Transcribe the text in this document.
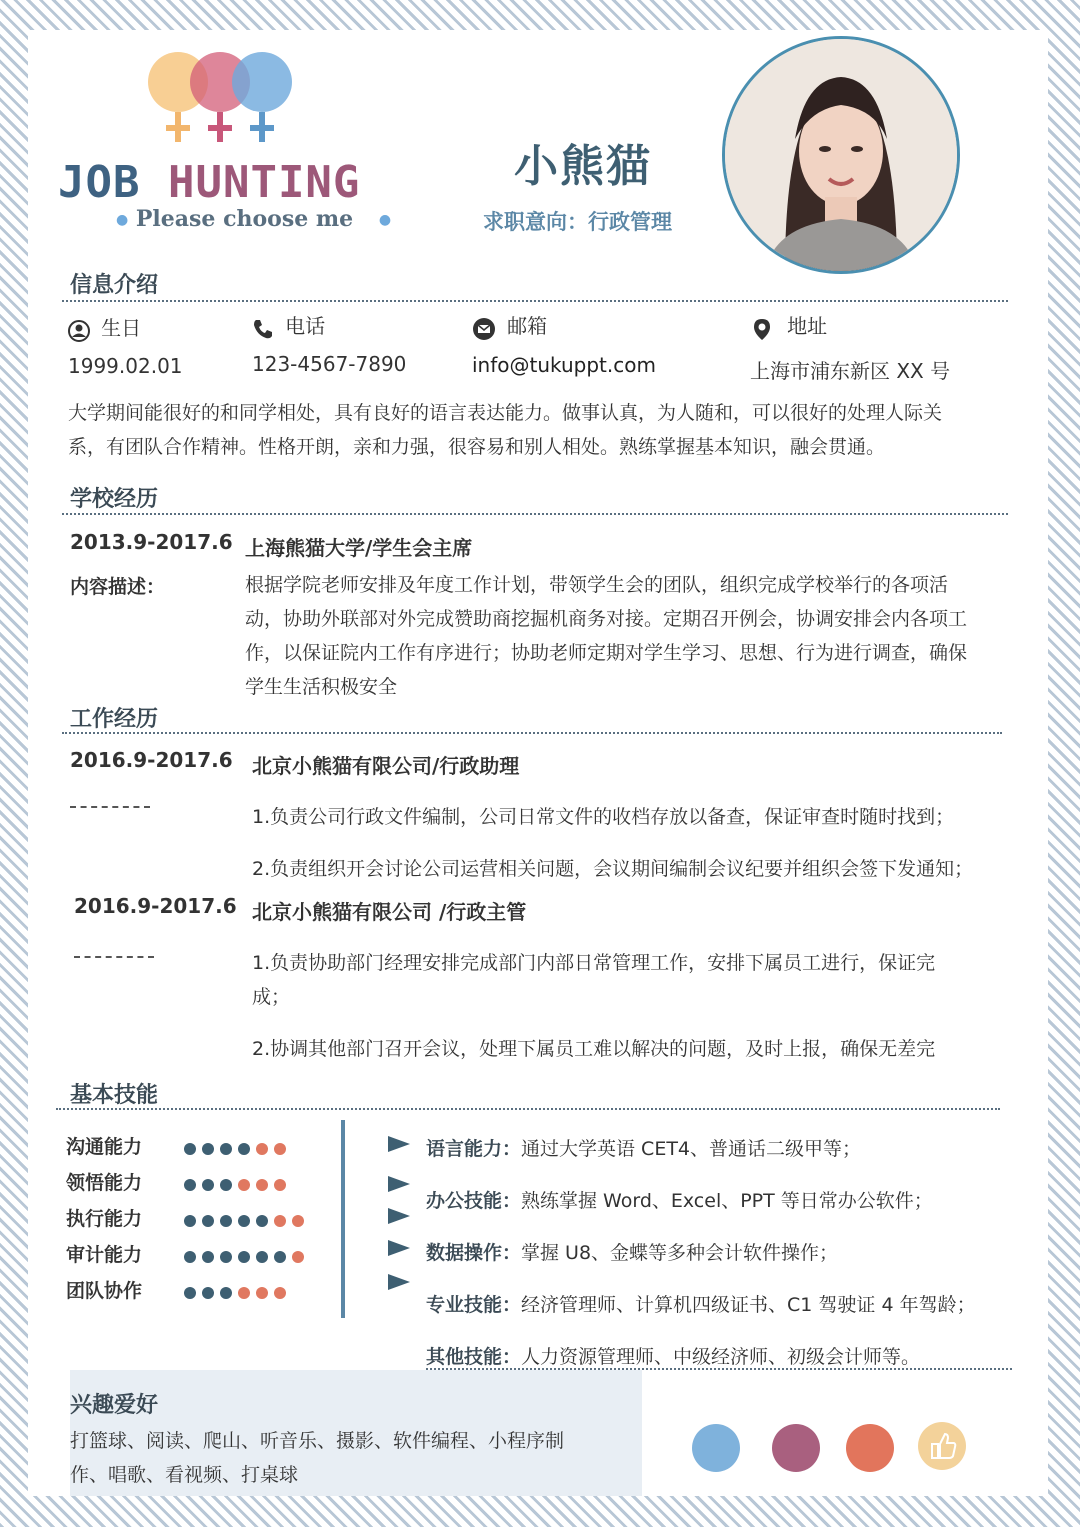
JOB HUNTING
● Please choose me ●
小熊猫
求职意向：行政管理
信息介绍
生日
1999.02.01
电话
123-4567-7890
邮箱
info@tukuppt.com
地址
上海市浦东新区 XX 号
大学期间能很好的和同学相处，具有良好的语言表达能力。做事认真，为人随和，可以很好的处理人际关
系，有团队合作精神。性格开朗，亲和力强，很容易和别人相处。熟练掌握基本知识，融会贯通。
学校经历
2013.9-2017.6 上海熊猫大学/学生会主席
内容描述：	根据学院老师安排及年度工作计划，带领学生会的团队，组织完成学校举行的各项活
动，协助外联部对外完成赞助商挖掘机商务对接。定期召开例会，协调安排会内各项工
作，以保证院内工作有序进行；协助老师定期对学生学习、思想、行为进行调查，确保
学生生活积极安全
工作经历
2016.9-2017.6 北京小熊猫有限公司/行政助理
1.负责公司行政文件编制，公司日常文件的收档存放以备查，保证审查时随时找到；
2.负责组织开会讨论公司运营相关问题，会议期间编制会议纪要并组织会签下发通知；
2016.9-2017.6 北京小熊猫有限公司 /行政主管
1.负责协助部门经理安排完成部门内部日常管理工作，安排下属员工进行，保证完
成；
2.协调其他部门召开会议，处理下属员工难以解决的问题，及时上报，确保无差完
基本技能
沟通能力
领悟能力
执行能力
审计能力
团队协作
语言能力：通过大学英语 CET4、普通话二级甲等；
办公技能：熟练掌握 Word、Excel、PPT 等日常办公软件；
数据操作：掌握 U8、金蝶等多种会计软件操作；
专业技能：经济管理师、计算机四级证书、C1 驾驶证 4 年驾龄；
其他技能：人力资源管理师、中级经济师、初级会计师等。
兴趣爱好
打篮球、阅读、爬山、听音乐、摄影、软件编程、小程序制
作、唱歌、看视频、打桌球
